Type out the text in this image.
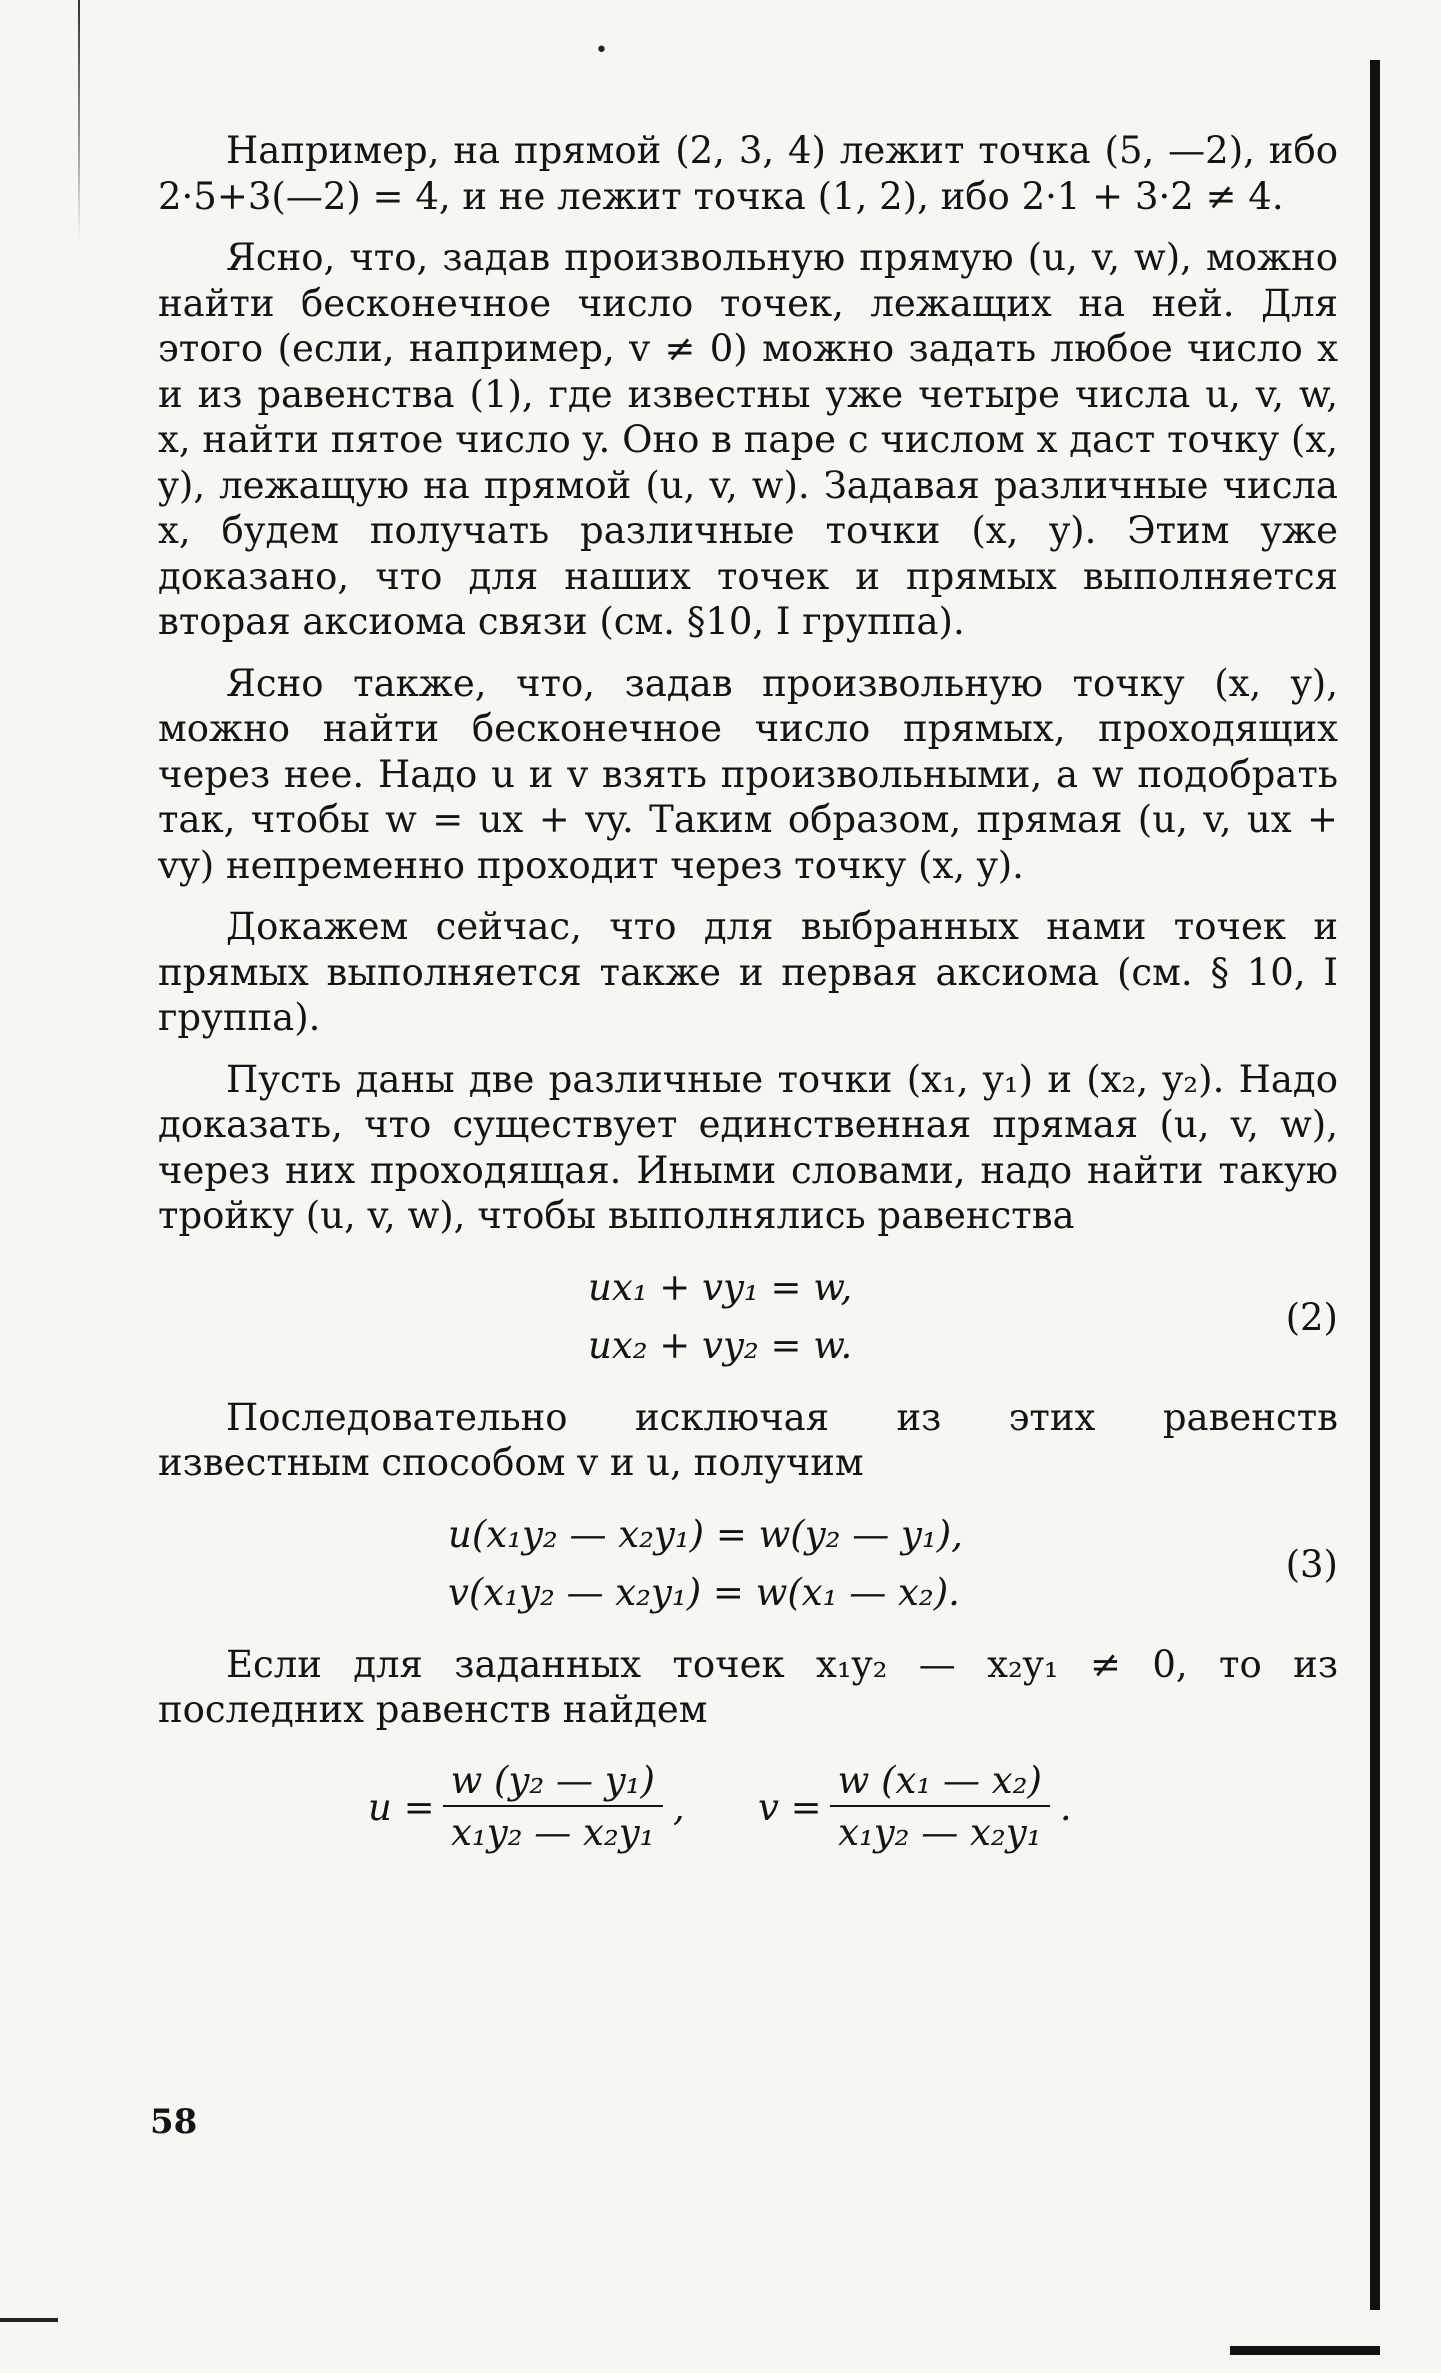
•

Например, на прямой (2, 3, 4) лежит точка (5, —2), ибо 2·5+3(—2) = 4, и не лежит точка (1, 2), ибо 2·1 + 3·2 ≠ 4.

Ясно, что, задав произвольную прямую (u, v, w), можно найти бесконечное число точек, лежащих на ней. Для этого (если, например, v ≠ 0) можно задать любое число x и из равенства (1), где известны уже четыре числа u, v, w, x, найти пятое число y. Оно в паре с числом x даст точку (x, y), лежащую на прямой (u, v, w). Задавая различные числа x, будем получать различные точки (x, y). Этим уже доказано, что для наших точек и прямых выполняется вторая аксиома связи (см. §10, I группа).

Ясно также, что, задав произвольную точку (x, y), можно найти бесконечное число прямых, проходящих через нее. Надо u и v взять произвольными, а w подобрать так, чтобы w = ux + vy. Таким образом, прямая (u, v, ux + vy) непременно проходит через точку (x, y).

Докажем сейчас, что для выбранных нами точек и прямых выполняется также и первая аксиома (см. § 10, I группа).

Пусть даны две различные точки (x₁, y₁) и (x₂, y₂). Надо доказать, что существует единственная прямая (u, v, w), через них проходящая. Иными словами, надо найти такую тройку (u, v, w), чтобы выполнялись равенства

ux₁ + vy₁ = w,
ux₂ + vy₂ = w.
(2)

Последовательно исключая из этих равенств известным способом v и u, получим

u(x₁y₂ — x₂y₁) = w(y₂ — y₁),
v(x₁y₂ — x₂y₁) = w(x₁ — x₂).
(3)

Если для заданных точек x₁y₂ — x₂y₁ ≠ 0, то из последних равенств найдем

$u = \frac{\text{w (y₂ — y₁)}}{\text{x₁y₂ — x₂y₁}}$ , $v = \frac{\text{w (x₁ — x₂)}}{\text{x₁y₂ — x₂y₁}}$ .
58
